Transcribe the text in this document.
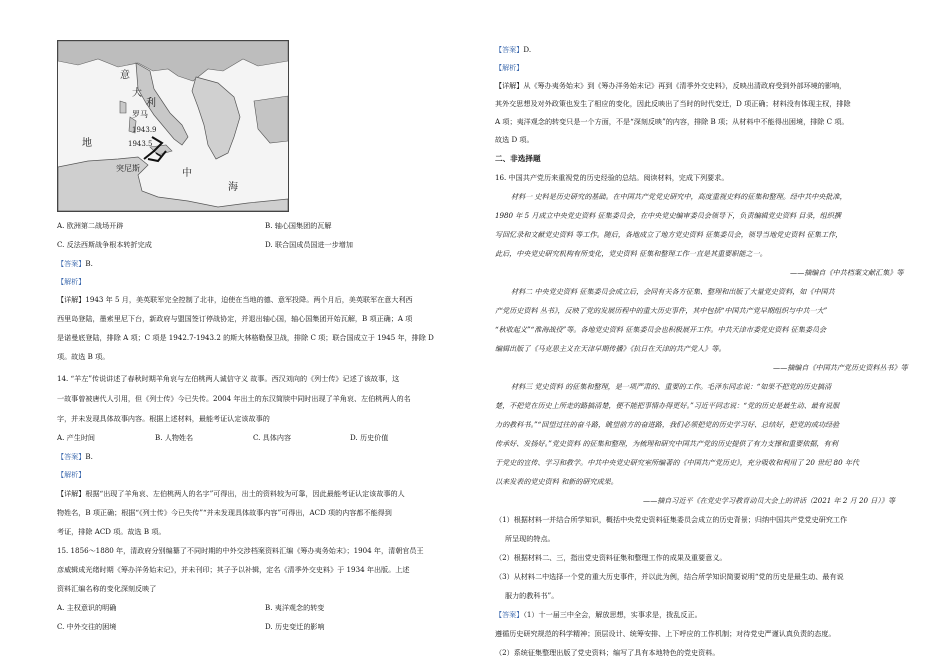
意
大
利
罗马
1943.9
1943.5
突尼斯
地
中
海
A. 欧洲第二战场开辟	B. 轴心国集团的瓦解
C. 反法西斯战争根本转折完成	D. 联合国成员国进一步增加
【答案】B.
【解析】
【详解】1943 年 5 月，美英联军完全控制了北非，迫使在当地的德、意军投降。两个月后，美英联军在意大利西
西里岛登陆，墨索里尼下台，新政府与盟国签订停战协定，并退出轴心国，轴心国集团开始瓦解，B 项正确；A 项
是诺曼底登陆，排除 A 项；C 项是 1942.7-1943.2 的斯大林格勒保卫战，排除 C 项；联合国成立于 1945 年，排除 D
项。故选 B 项。
14. “羊左”传说讲述了春秋时期羊角哀与左伯桃两人诚信守义 故事。西汉刘向的《列士传》记述了该故事，这
一故事曾被唐代人引用，但《列士传》今已失传。2004 年出土的东汉简牍中同时出现了羊角哀、左伯桃两人的名
字，并未发现具体故事内容。根据上述材料，最能考证认定该故事的
A. 产生时间	B. 人物姓名	C. 具体内容	D. 历史价值
【答案】B.
【解析】
【详解】根据“出现了羊角哀、左伯桃两人的名字”可得出，出土的资料较为可靠，因此最能考证认定该故事的人
物姓名，B 项正确；根据“《列士传》今已失传”“并未发现具体故事内容”可得出，ACD 项的内容都不能得到
考证，排除 ACD 项。故选 B 项。
15. 1856～1880 年，清政府分别编纂了不同时期的中外交涉档案资料汇编《筹办夷务始末》；1904 年，清朝官员王
彦威辑成光绪时期《筹办洋务始末记》，并未刊印；其子予以补辑，定名《清季外交史料》于 1934 年出版。上述
资料汇编名称的变化深刻反映了
A. 主权意识的明确	B. 夷洋观念的转变
C. 中外交往的困境	D. 历史变迁的影响
【答案】D.
【解析】
【详解】从《筹办夷务始末》到《筹办洋务始末记》再到《清季外交史料》，反映出清政府受到外部环境的影响，
其外交思想及对外政策也发生了相应的变化，因此反映出了当时的时代变迁，D 项正确；材料没有体现主权，排除
A 项；夷洋观念的转变只是一个方面，不是“深刻反映”的内容，排除 B 项；从材料中不能得出困境，排除 C 项。
故选 D 项。
二、非选择题
16. 中国共产党历来重视党的历史经验的总结。阅读材料，完成下列要求。
材料一 史料是历史研究的基础。在中国共产党党史研究中，高度重视史料的征集和整理。经中共中央批准，
1980 年 5 月成立中央党史资料 征集委员会，在中央党史编审委员会领导下，负责编辑党史资料 目录，组织撰
写回忆录和文献党史资料 等工作。随后，各地成立了地方党史资料 征集委员会，领导当地党史资料 征集工作，
此后，中央党史研究机构有所变化，党史资料 征集和整理工作一直是其重要职能之一。
——摘编自《中共档案文献汇集》等
材料二 中央党史资料 征集委员会成立后，会同有关各方征集、整理和出版了大量党史资料，如《中国共
产党历史资料 丛书》，反映了党的发展历程中的重大历史事件，其中包括“中国共产党早期组织与中共一大”
“秋收起义”“淮海战役”等。各地党史资料 征集委员会也积极展开工作。中共天津市委党史资料 征集委员会
编辑出版了《马克思主义在天津早期传播》《抗日在天津的共产党人》等。
——摘编自《中国共产党历史资料丛书》等
材料三 党史资料 的征集和整理，是一项严肃的、重要的工作。毛泽东同志说：“如果不把党的历史搞清
楚，不把党在历史上所走的路搞清楚，便不能把事情办得更好。”习近平同志说：“党的历史是最生动、最有说服
力的教科书。”“回望过往的奋斗路，眺望前方的奋进路，我们必须把党的历史学习好、总结好，把党的成功经验
传承好、发扬好。”党史资料 的征集和整理，为梳理和研究中国共产党的历史提供了有力支撑和重要依据，有利
于党史的宣传、学习和教学。中共中央党史研究室所编著的《中国共产党历史》，充分吸收和利用了 20 世纪 80 年代
以来发表的党史资料 和新的研究成果。
——摘自习近平《在党史学习教育动员大会上的讲话（2021 年 2 月 20 日）》等
（1）根据材料一并结合所学知识，概括中央党史资料征集委员会成立的历史背景；归纳中国共产党党史研究工作
所呈现的特点。
（2）根据材料二、三，指出党史资料征集和整理工作的成果及重要意义。
（3）从材料二中选择一个党的重大历史事件，并以此为例，结合所学知识简要说明“党的历史是最生动、最有说
服力的教科书”。
【答案】（1）十一届三中全会，解放思想，实事求是，拨乱反正。
遵循历史研究规范的科学精神；顶层设计、统筹安排、上下呼应的工作机制；对待党史严谨认真负责的态度。
（2）系统征集整理出版了党史资料；编写了具有本地特色的党史资料。
